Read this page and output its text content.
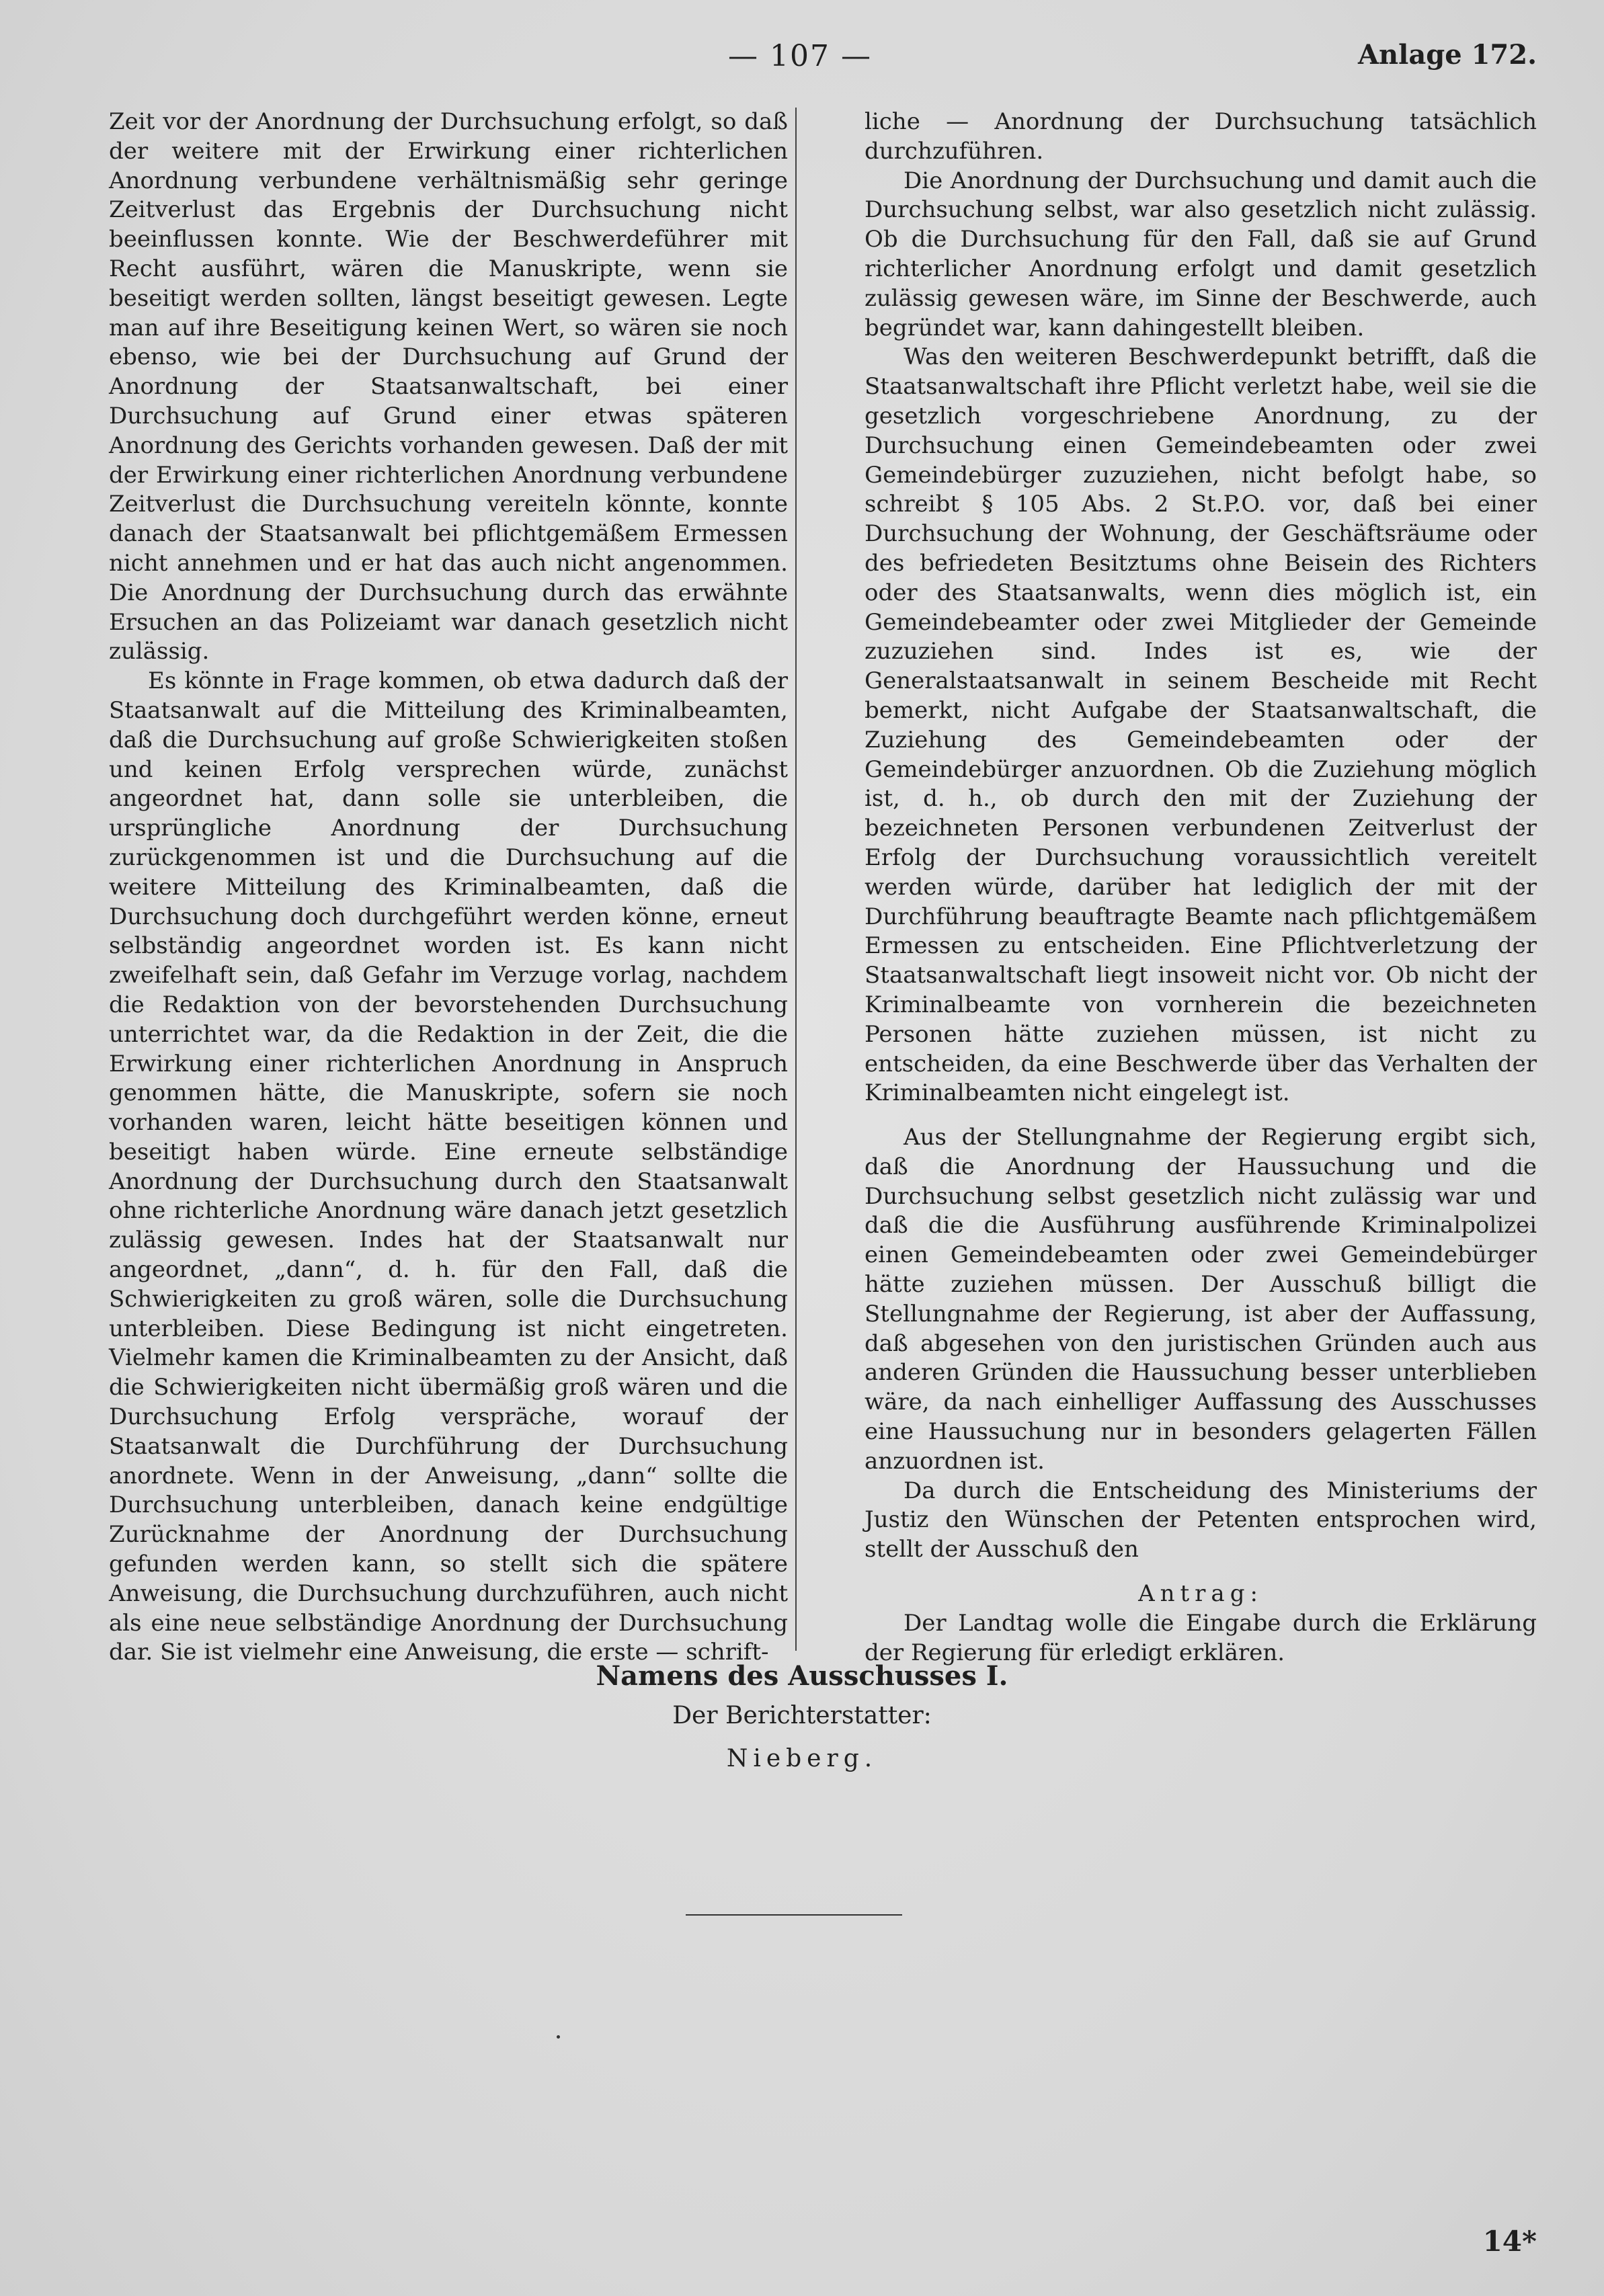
— 107 —	Anlage 172.

Zeit vor der Anordnung der Durchsuchung erfolgt, so daß der weitere mit der Erwirkung einer richterlichen Anordnung verbundene verhältnismäßig sehr geringe Zeitverlust das Ergebnis der Durchsuchung nicht beeinflussen konnte. Wie der Beschwerdeführer mit Recht ausführt, wären die Manuskripte, wenn sie beseitigt werden sollten, längst beseitigt gewesen. Legte man auf ihre Beseitigung keinen Wert, so wären sie noch ebenso, wie bei der Durchsuchung auf Grund der Anordnung der Staatsanwaltschaft, bei einer Durchsuchung auf Grund einer etwas späteren Anordnung des Gerichts vorhanden gewesen. Daß der mit der Erwirkung einer richterlichen Anordnung verbundene Zeitverlust die Durchsuchung vereiteln könnte, konnte danach der Staatsanwalt bei pflichtgemäßem Ermessen nicht annehmen und er hat das auch nicht angenommen. Die Anordnung der Durchsuchung durch das erwähnte Ersuchen an das Polizeiamt war danach gesetzlich nicht zulässig.

Es könnte in Frage kommen, ob etwa dadurch daß der Staatsanwalt auf die Mitteilung des Kriminalbeamten, daß die Durchsuchung auf große Schwierigkeiten stoßen und keinen Erfolg versprechen würde, zunächst angeordnet hat, dann solle sie unterbleiben, die ursprüngliche Anordnung der Durchsuchung zurückgenommen ist und die Durchsuchung auf die weitere Mitteilung des Kriminalbeamten, daß die Durchsuchung doch durchgeführt werden könne, erneut selbständig angeordnet worden ist. Es kann nicht zweifelhaft sein, daß Gefahr im Verzuge vorlag, nachdem die Redaktion von der bevorstehenden Durchsuchung unterrichtet war, da die Redaktion in der Zeit, die die Erwirkung einer richterlichen Anordnung in Anspruch genommen hätte, die Manuskripte, sofern sie noch vorhanden waren, leicht hätte beseitigen können und beseitigt haben würde. Eine erneute selbständige Anordnung der Durchsuchung durch den Staatsanwalt ohne richterliche Anordnung wäre danach jetzt gesetzlich zulässig gewesen. Indes hat der Staatsanwalt nur angeordnet, „dann“, d. h. für den Fall, daß die Schwierigkeiten zu groß wären, solle die Durchsuchung unterbleiben. Diese Bedingung ist nicht eingetreten. Vielmehr kamen die Kriminalbeamten zu der Ansicht, daß die Schwierigkeiten nicht übermäßig groß wären und die Durchsuchung Erfolg verspräche, worauf der Staatsanwalt die Durchführung der Durchsuchung anordnete. Wenn in der Anweisung, „dann“ sollte die Durchsuchung unterbleiben, danach keine endgültige Zurücknahme der Anordnung der Durchsuchung gefunden werden kann, so stellt sich die spätere Anweisung, die Durchsuchung durchzuführen, auch nicht als eine neue selbständige Anordnung der Durchsuchung dar. Sie ist vielmehr eine Anweisung, die erste — schrift-

liche — Anordnung der Durchsuchung tatsächlich durchzuführen.

Die Anordnung der Durchsuchung und damit auch die Durchsuchung selbst, war also gesetzlich nicht zulässig. Ob die Durchsuchung für den Fall, daß sie auf Grund richterlicher Anordnung erfolgt und damit gesetzlich zulässig gewesen wäre, im Sinne der Beschwerde, auch begründet war, kann dahingestellt bleiben.

Was den weiteren Beschwerdepunkt betrifft, daß die Staatsanwaltschaft ihre Pflicht verletzt habe, weil sie die gesetzlich vorgeschriebene Anordnung, zu der Durchsuchung einen Gemeindebeamten oder zwei Gemeindebürger zuzuziehen, nicht befolgt habe, so schreibt § 105 Abs. 2 St.P.O. vor, daß bei einer Durchsuchung der Wohnung, der Geschäftsräume oder des befriedeten Besitztums ohne Beisein des Richters oder des Staatsanwalts, wenn dies möglich ist, ein Gemeindebeamter oder zwei Mitglieder der Gemeinde zuzuziehen sind. Indes ist es, wie der Generalstaatsanwalt in seinem Bescheide mit Recht bemerkt, nicht Aufgabe der Staatsanwaltschaft, die Zuziehung des Gemeindebeamten oder der Gemeindebürger anzuordnen. Ob die Zuziehung möglich ist, d. h., ob durch den mit der Zuziehung der bezeichneten Personen verbundenen Zeitverlust der Erfolg der Durchsuchung voraussichtlich vereitelt werden würde, darüber hat lediglich der mit der Durchführung beauftragte Beamte nach pflichtgemäßem Ermessen zu entscheiden. Eine Pflichtverletzung der Staatsanwaltschaft liegt insoweit nicht vor. Ob nicht der Kriminalbeamte von vornherein die bezeichneten Personen hätte zuziehen müssen, ist nicht zu entscheiden, da eine Beschwerde über das Verhalten der Kriminalbeamten nicht eingelegt ist.

Aus der Stellungnahme der Regierung ergibt sich, daß die Anordnung der Haussuchung und die Durchsuchung selbst gesetzlich nicht zulässig war und daß die die Ausführung ausführende Kriminalpolizei einen Gemeindebeamten oder zwei Gemeindebürger hätte zuziehen müssen. Der Ausschuß billigt die Stellungnahme der Regierung, ist aber der Auffassung, daß abgesehen von den juristischen Gründen auch aus anderen Gründen die Haussuchung besser unterblieben wäre, da nach einhelliger Auffassung des Ausschusses eine Haussuchung nur in besonders gelagerten Fällen anzuordnen ist.

Da durch die Entscheidung des Ministeriums der Justiz den Wünschen der Petenten entsprochen wird, stellt der Ausschuß den

Antrag:

Der Landtag wolle die Eingabe durch die Erklärung der Regierung für erledigt erklären.

Namens des Ausschusses I.
Der Berichterstatter:
Nieberg.
14*
